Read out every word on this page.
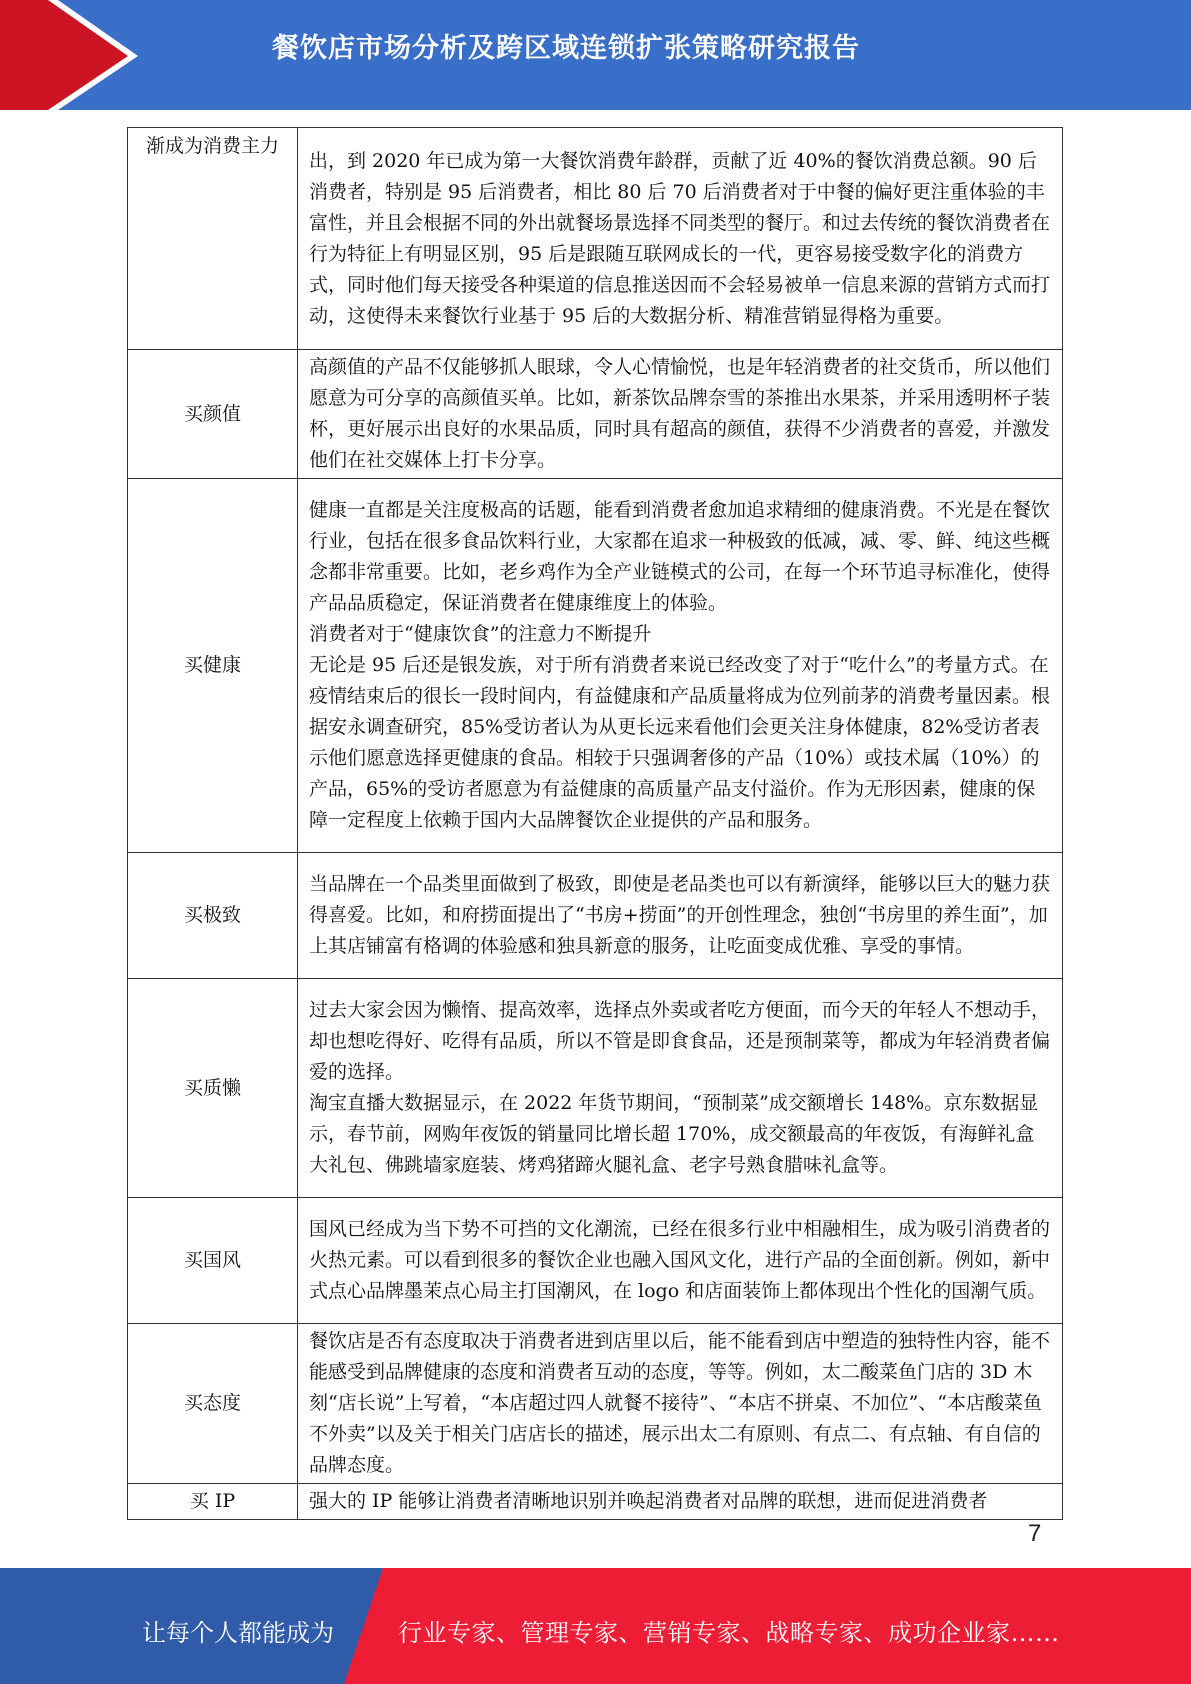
餐饮店市场分析及跨区域连锁扩张策略研究报告
渐成为消费主力	出，到 2020 年已成为第一大餐饮消费年龄群，贡献了近 40%的餐饮消费总额。90 后消费者，特别是 95 后消费者，相比 80 后 70 后消费者对于中餐的偏好更注重体验的丰富性，并且会根据不同的外出就餐场景选择不同类型的餐厅。和过去传统的餐饮消费者在行为特征上有明显区别，95 后是跟随互联网成长的一代，更容易接受数字化的消费方式，同时他们每天接受各种渠道的信息推送因而不会轻易被单一信息来源的营销方式而打动，这使得未来餐饮行业基于 95 后的大数据分析、精准营销显得格为重要。

买颜值	高颜值的产品不仅能够抓人眼球，令人心情愉悦，也是年轻消费者的社交货币，所以他们愿意为可分享的高颜值买单。比如，新茶饮品牌奈雪的茶推出水果茶，并采用透明杯子装杯，更好展示出良好的水果品质，同时具有超高的颜值，获得不少消费者的喜爱，并激发他们在社交媒体上打卡分享。

买健康	健康一直都是关注度极高的话题，能看到消费者愈加追求精细的健康消费。不光是在餐饮行业，包括在很多食品饮料行业，大家都在追求一种极致的低减，减、零、鲜、纯这些概念都非常重要。比如，老乡鸡作为全产业链模式的公司，在每一个环节追寻标准化，使得产品品质稳定，保证消费者在健康维度上的体验。

消费者对于“健康饮食”的注意力不断提升

无论是 95 后还是银发族，对于所有消费者来说已经改变了对于“吃什么”的考量方式。在疫情结束后的很长一段时间内，有益健康和产品质量将成为位列前茅的消费考量因素。根据安永调查研究，85%受访者认为从更长远来看他们会更关注身体健康，82%受访者表示他们愿意选择更健康的食品。相较于只强调奢侈的产品（10%）或技术属（10%）的产品，65%的受访者愿意为有益健康的高质量产品支付溢价。作为无形因素，健康的保障一定程度上依赖于国内大品牌餐饮企业提供的产品和服务。

买极致	当品牌在一个品类里面做到了极致，即使是老品类也可以有新演绎，能够以巨大的魅力获得喜爱。比如，和府捞面提出了“书房+捞面”的开创性理念，独创“书房里的养生面”，加上其店铺富有格调的体验感和独具新意的服务，让吃面变成优雅、享受的事情。

买质懒	过去大家会因为懒惰、提高效率，选择点外卖或者吃方便面，而今天的年轻人不想动手，却也想吃得好、吃得有品质，所以不管是即食食品，还是预制菜等，都成为年轻消费者偏爱的选择。

淘宝直播大数据显示，在 2022 年货节期间，“预制菜”成交额增长 148%。京东数据显示，春节前，网购年夜饭的销量同比增长超 170%，成交额最高的年夜饭，有海鲜礼盒大礼包、佛跳墙家庭装、烤鸡猪蹄火腿礼盒、老字号熟食腊味礼盒等。

买国风	国风已经成为当下势不可挡的文化潮流，已经在很多行业中相融相生，成为吸引消费者的火热元素。可以看到很多的餐饮企业也融入国风文化，进行产品的全面创新。例如，新中式点心品牌墨茉点心局主打国潮风，在 logo 和店面装饰上都体现出个性化的国潮气质。

买态度	餐饮店是否有态度取决于消费者进到店里以后，能不能看到店中塑造的独特性内容，能不能感受到品牌健康的态度和消费者互动的态度，等等。例如，太二酸菜鱼门店的 3D 木刻“店长说”上写着，“本店超过四人就餐不接待”、“本店不拼桌、不加位”、“本店酸菜鱼不外卖”以及关于相关门店店长的描述，展示出太二有原则、有点二、有点轴、有自信的品牌态度。

买 IP	强大的 IP 能够让消费者清晰地识别并唤起消费者对品牌的联想，进而促进消费者

7
让每个人都能成为	行业专家、管理专家、营销专家、战略专家、成功企业家……
